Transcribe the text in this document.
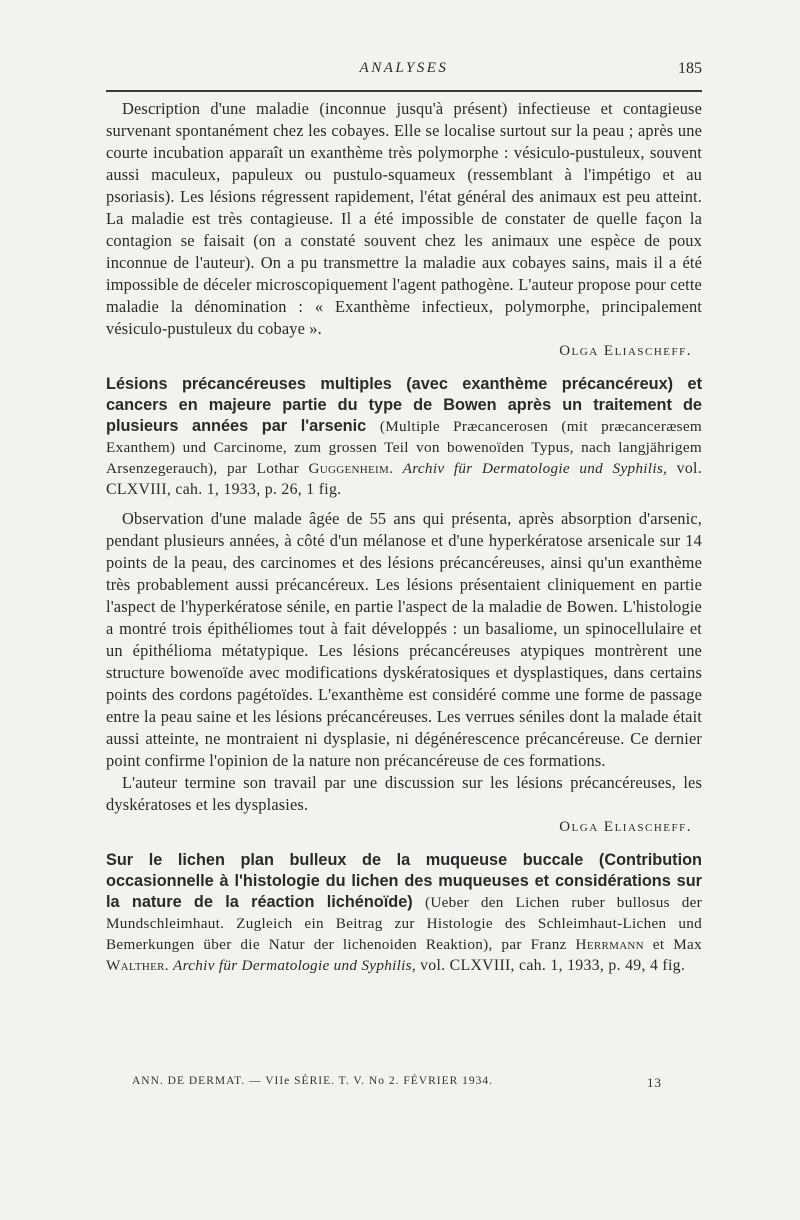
ANALYSES	185

Description d'une maladie (inconnue jusqu'à présent) infectieuse et contagieuse survenant spontanément chez les cobayes. Elle se localise surtout sur la peau ; après une courte incubation apparaît un exanthème très polymorphe : vésiculo-pustuleux, souvent aussi maculeux, papuleux ou pustulo-squameux (ressemblant à l'impétigo et au psoriasis). Les lésions régressent rapidement, l'état général des animaux est peu atteint. La maladie est très contagieuse. Il a été impossible de constater de quelle façon la contagion se faisait (on a constaté souvent chez les animaux une espèce de poux inconnue de l'auteur). On a pu transmettre la maladie aux cobayes sains, mais il a été impossible de déceler microscopiquement l'agent pathogène. L'auteur propose pour cette maladie la dénomination : « Exanthème infectieux, polymorphe, principalement vésiculo-pustuleux du cobaye ».

Olga Eliascheff.

Lésions précancéreuses multiples (avec exanthème précancéreux) et cancers en majeure partie du type de Bowen après un traitement de plusieurs années par l'arsenic (Multiple Præcancerosen (mit præcanceræsem Exanthem) und Carcinome, zum grossen Teil von bowenoïden Typus, nach langjährigem Arsenzegerauch), par Lothar Guggenheim. Archiv für Dermatologie und Syphilis, vol. CLXVIII, cah. 1, 1933, p. 26, 1 fig.

Observation d'une malade âgée de 55 ans qui présenta, après absorption d'arsenic, pendant plusieurs années, à côté d'un mélanose et d'une hyperkératose arsenicale sur 14 points de la peau, des carcinomes et des lésions précancéreuses, ainsi qu'un exanthème très probablement aussi précancéreux. Les lésions présentaient cliniquement en partie l'aspect de l'hyperkératose sénile, en partie l'aspect de la maladie de Bowen. L'histologie a montré trois épithéliomes tout à fait développés : un basaliome, un spinocellulaire et un épithélioma métatypique. Les lésions précancéreuses atypiques montrèrent une structure bowenoïde avec modifications dyskératosiques et dysplastiques, dans certains points des cordons pagétoïdes. L'exanthème est considéré comme une forme de passage entre la peau saine et les lésions précancéreuses. Les verrues séniles dont la malade était aussi atteinte, ne montraient ni dysplasie, ni dégénérescence précancéreuse. Ce dernier point confirme l'opinion de la nature non précancéreuse de ces formations.

L'auteur termine son travail par une discussion sur les lésions précancéreuses, les dyskératoses et les dysplasies.

Olga Eliascheff.

Sur le lichen plan bulleux de la muqueuse buccale (Contribution occasionnelle à l'histologie du lichen des muqueuses et considérations sur la nature de la réaction lichénoïde) (Ueber den Lichen ruber bullosus der Mundschleimhaut. Zugleich ein Beitrag zur Histologie des Schleimhaut-Lichen und Bemerkungen über die Natur der lichenoiden Reaktion), par Franz Herrmann et Max Walther. Archiv für Dermatologie und Syphilis, vol. CLXVIII, cah. 1, 1933, p. 49, 4 fig.
ANN. DE DERMAT. — VIIe SÉRIE. T. V. No 2. FÉVRIER 1934.	13
